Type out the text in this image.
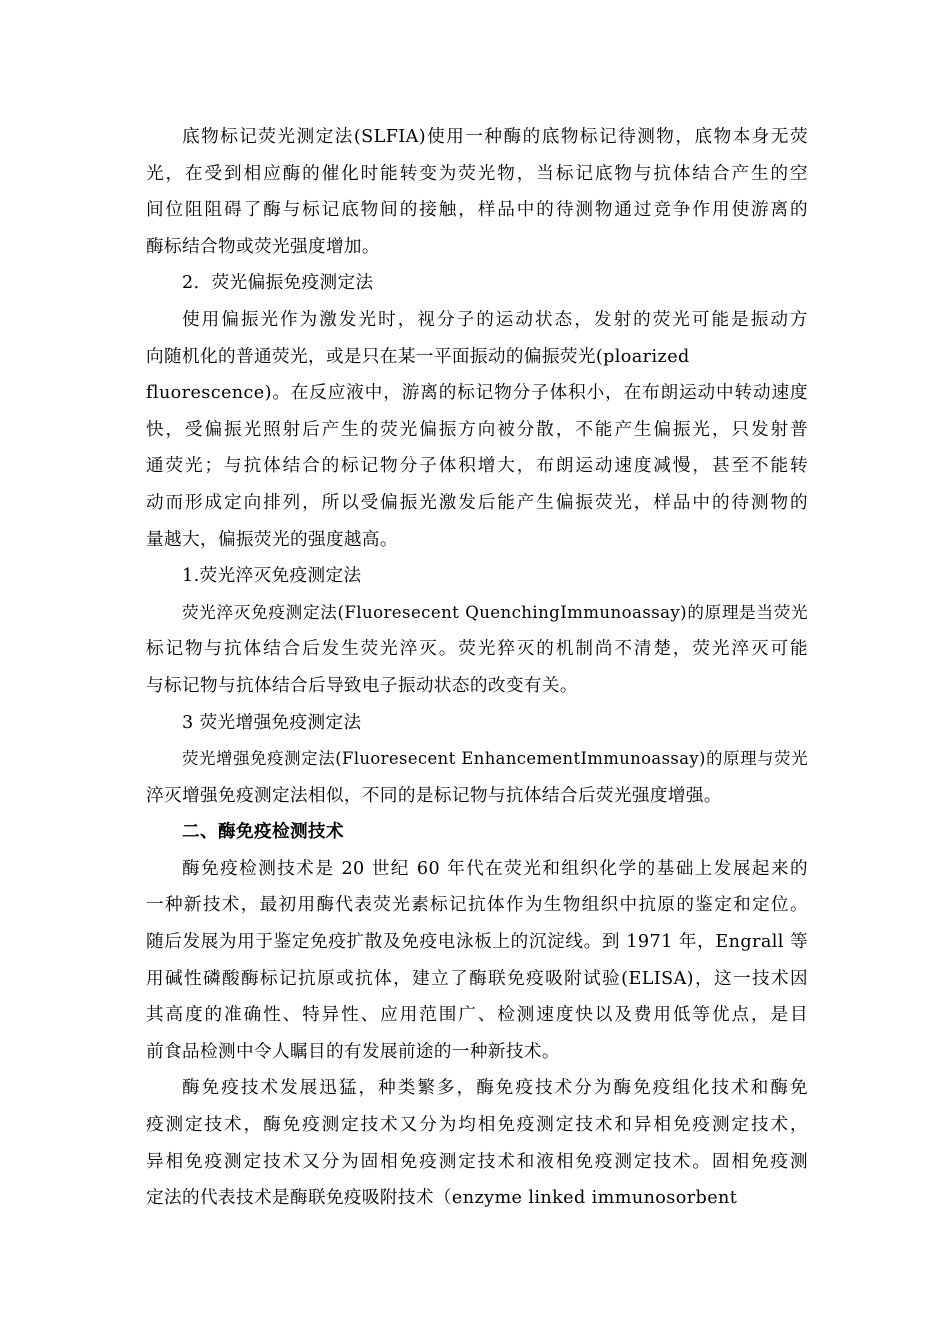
底物标记荧光测定法(SLFIA)使用一种酶的底物标记待测物，底物本身无荧
光，在受到相应酶的催化时能转变为荧光物，当标记底物与抗体结合产生的空
间位阻阻碍了酶与标记底物间的接触，样品中的待测物通过竞争作用使游离的
酶标结合物或荧光强度增加。
2．荧光偏振免疫测定法
使用偏振光作为激发光时，视分子的运动状态，发射的荧光可能是振动方
向随机化的普通荧光，或是只在某一平面振动的偏振荧光(ploarized
fluorescence)。在反应液中，游离的标记物分子体积小，在布朗运动中转动速度
快，受偏振光照射后产生的荧光偏振方向被分散，不能产生偏振光，只发射普
通荧光；与抗体结合的标记物分子体积增大，布朗运动速度减慢，甚至不能转
动而形成定向排列，所以受偏振光激发后能产生偏振荧光，样品中的待测物的
量越大，偏振荧光的强度越高。
1.荧光淬灭免疫测定法
荧光淬灭免疫测定法(Fluoresecent QuenchingImmunoassay)的原理是当荧光
标记物与抗体结合后发生荧光淬灭。荧光猝灭的机制尚不清楚，荧光淬灭可能
与标记物与抗体结合后导致电子振动状态的改变有关。
3 荧光增强免疫测定法
荧光增强免疫测定法(Fluoresecent EnhancementImmunoassay)的原理与荧光
淬灭增强免疫测定法相似，不同的是标记物与抗体结合后荧光强度增强。
二、酶免疫检测技术
酶免疫检测技术是 20 世纪 60 年代在荧光和组织化学的基础上发展起来的
一种新技术，最初用酶代表荧光素标记抗体作为生物组织中抗原的鉴定和定位。
随后发展为用于鉴定免疫扩散及免疫电泳板上的沉淀线。到 1971 年，Engrall 等
用碱性磷酸酶标记抗原或抗体，建立了酶联免疫吸附试验(ELISA)，这一技术因
其高度的准确性、特异性、应用范围广、检测速度快以及费用低等优点，是目
前食品检测中令人瞩目的有发展前途的一种新技术。
酶免疫技术发展迅猛，种类繁多，酶免疫技术分为酶免疫组化技术和酶免
疫测定技术，酶免疫测定技术又分为均相免疫测定技术和异相免疫测定技术，
异相免疫测定技术又分为固相免疫测定技术和液相免疫测定技术。固相免疫测
定法的代表技术是酶联免疫吸附技术（enzyme linked immunosorbent
